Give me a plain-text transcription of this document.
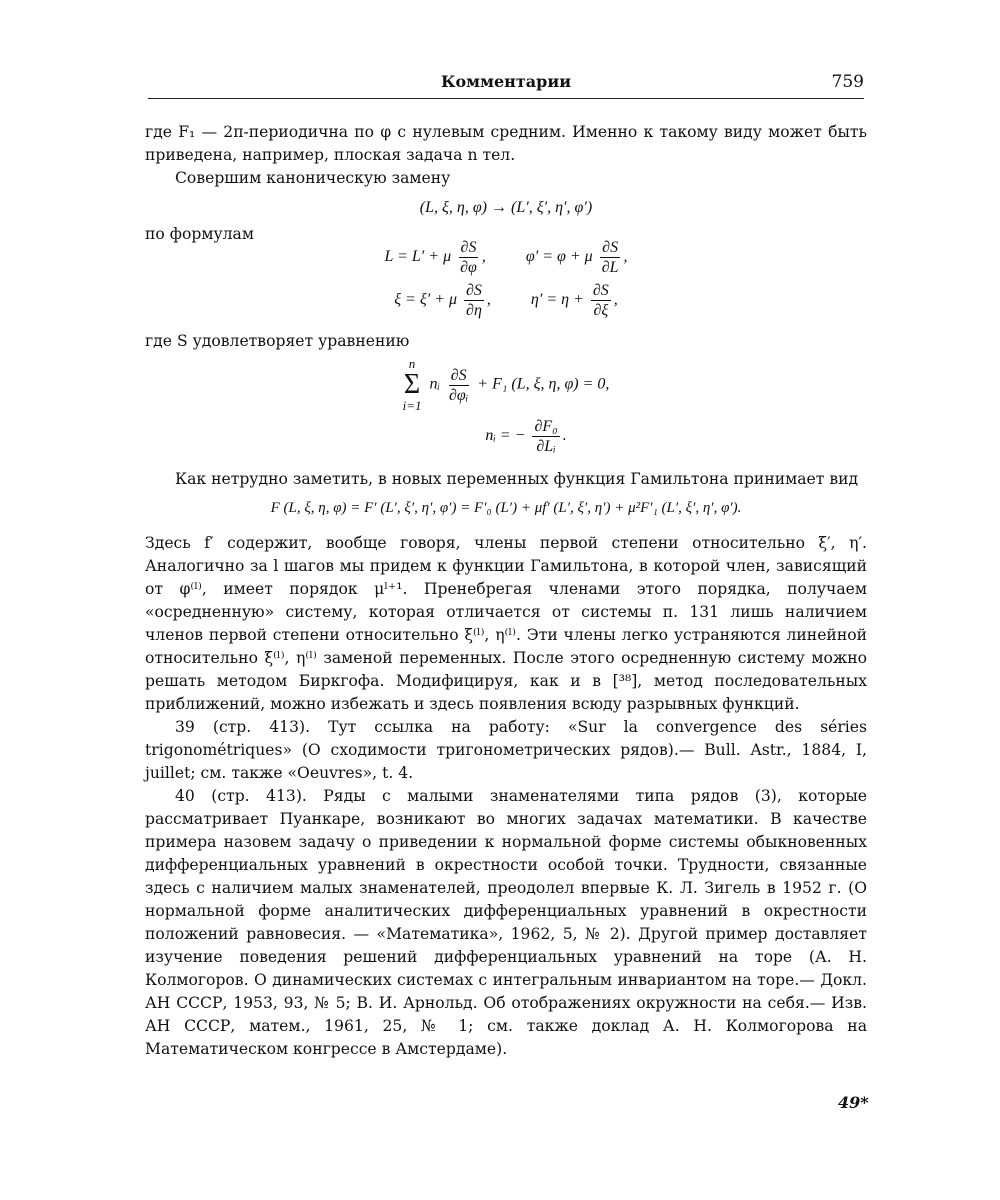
Комментарии	759

где F₁ — 2π-периодична по φ с нулевым средним. Именно к такому виду может быть приведена, например, плоская задача n тел.

Совершим каноническую замену

(L, ξ, η, φ) → (L′, ξ′, η′, φ′)

по формулам

L = L′ + μ $\frac{\partial S}{\partial\varphi}$ ,	φ′ = φ + μ $\frac{\partial S}{\partial L}$ ,
ξ = ξ′ + μ $\frac{\partial S}{\partial\eta}$ ,	$\eta' = \eta + \frac{\partial S}{\partial\xi}$ ,

где S удовлетворяет уравнению

n
Σ
i=1
nᵢ $\frac{\partial S}{\text{∂φᵢ}} + F_1$ (L, ξ, η, φ) = 0,
nᵢ = − $\frac{\text{∂F₀}}{\text{∂Lᵢ}}$ .

Как нетрудно заметить, в новых переменных функция Гамильтона принимает вид

F (L, ξ, η, φ) = F′ (L′, ξ′, η′, φ′) = F′₀ (L′) + μf′ (L′, ξ′, η′) + μ²F′₁ (L′, ξ′, η′, φ′).

Здесь f′ содержит, вообще говоря, члены первой степени относительно ξ′, η′. Аналогично за l шагов мы придем к функции Гамильтона, в которой член, зависящий от φ⁽ˡ⁾, имеет порядок μˡ⁺¹. Пренебрегая членами этого порядка, получаем «осредненную» систему, которая отличается от системы п. 131 лишь наличием членов первой степени относительно ξ⁽ˡ⁾, η⁽ˡ⁾. Эти члены легко устраняются линейной относительно ξ⁽ˡ⁾, η⁽ˡ⁾ заменой переменных. После этого осредненную систему можно решать методом Биркгофа. Модифицируя, как и в [³⁸], метод последовательных приближений, можно избежать и здесь появления всюду разрывных функций.

39 (стр. 413). Тут ссылка на работу: «Sur la convergence des séries trigonométriques» (О сходимости тригонометрических рядов).— Bull. Astr., 1884, I, juillet; см. также «Oeuvres», t. 4.

40 (стр. 413). Ряды с малыми знаменателями типа рядов (3), которые рассматривает Пуанкаре, возникают во многих задачах математики. В качестве примера назовем задачу о приведении к нормальной форме системы обыкновенных дифференциальных уравнений в окрестности особой точки. Трудности, связанные здесь с наличием малых знаменателей, преодолел впервые К. Л. Зигель в 1952 г. (О нормальной форме аналитических дифференциальных уравнений в окрестности положений равновесия. — «Математика», 1962, 5, № 2). Другой пример доставляет изучение поведения решений дифференциальных уравнений на торе (А. Н. Колмогоров. О динамических системах с интегральным инвариантом на торе.— Докл. АН СССР, 1953, 93, № 5; В. И. Арнольд. Об отображениях окружности на себя.— Изв. АН СССР, матем., 1961, 25, № 1; см. также доклад А. Н. Колмогорова на Математическом конгрессе в Амстердаме).

49*
